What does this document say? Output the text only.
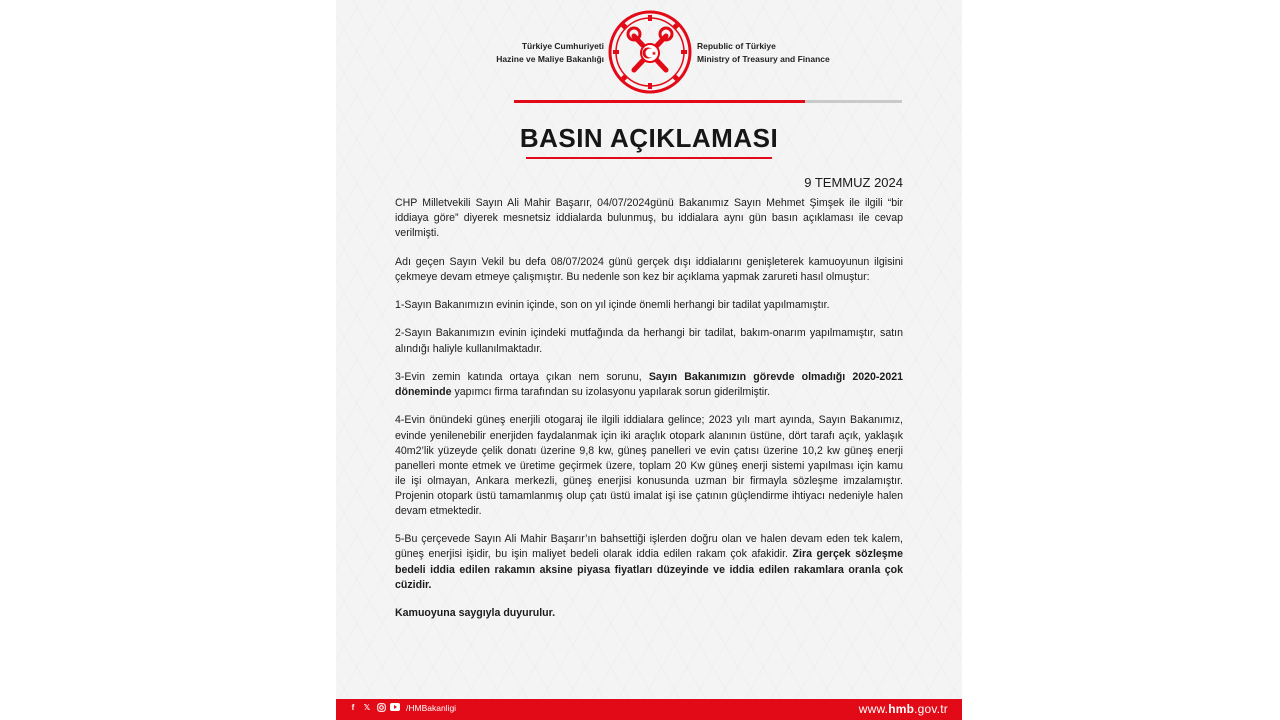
Türkiye Cumhuriyeti
Hazine ve Maliye Bakanlığı
Republic of Türkiye
Ministry of Treasury and Finance
BASIN AÇIKLAMASI
9 TEMMUZ 2024

CHP Milletvekili Sayın Ali Mahir Başarır, 04/07/2024günü Bakanımız Sayın Mehmet Şimşek ile ilgili “bir iddiaya göre” diyerek mesnetsiz iddialarda bulunmuş, bu iddialara aynı gün basın açıklaması ile cevap verilmişti.

Adı geçen Sayın Vekil bu defa 08/07/2024 günü gerçek dışı iddialarını genişleterek kamuoyunun ilgisini çekmeye devam etmeye çalışmıştır. Bu nedenle son kez bir açıklama yapmak zarureti hasıl olmuştur:

1-Sayın Bakanımızın evinin içinde, son on yıl içinde önemli herhangi bir tadilat yapılmamıştır.

2-Sayın Bakanımızın evinin içindeki mutfağında da herhangi bir tadilat, bakım-onarım yapılmamıştır, satın alındığı haliyle kullanılmaktadır.

3-Evin zemin katında ortaya çıkan nem sorunu, Sayın Bakanımızın görevde olmadığı 2020-2021 döneminde yapımcı firma tarafından su izolasyonu yapılarak sorun giderilmiştir.

4-Evin önündeki güneş enerjili otogaraj ile ilgili iddialara gelince; 2023 yılı mart ayında, Sayın Bakanımız, evinde yenilenebilir enerjiden faydalanmak için iki araçlık otopark alanının üstüne, dört tarafı açık, yaklaşık 40m2’lik yüzeyde çelik donatı üzerine 9,8 kw, güneş panelleri ve evin çatısı üzerine 10,2 kw güneş enerji panelleri monte etmek ve üretime geçirmek üzere, toplam 20 Kw güneş enerji sistemi yapılması için kamu ile işi olmayan, Ankara merkezli, güneş enerjisi konusunda uzman bir firmayla sözleşme imzalamıştır. Projenin otopark üstü tamamlanmış olup çatı üstü imalat işi ise çatının güçlendirme ihtiyacı nedeniyle halen devam etmektedir.

5-Bu çerçevede Sayın Ali Mahir Başarır’ın bahsettiği işlerden doğru olan ve halen devam eden tek kalem, güneş enerjisi işidir, bu işin maliyet bedeli olarak iddia edilen rakam çok afakidir. Zira gerçek sözleşme bedeli iddia edilen rakamın aksine piyasa fiyatları düzeyinde ve iddia edilen rakamlara oranla çok cüzidir.

Kamuoyuna saygıyla duyurulur.

f	𝕏	/HMBakanligi	www.hmb.gov.tr
